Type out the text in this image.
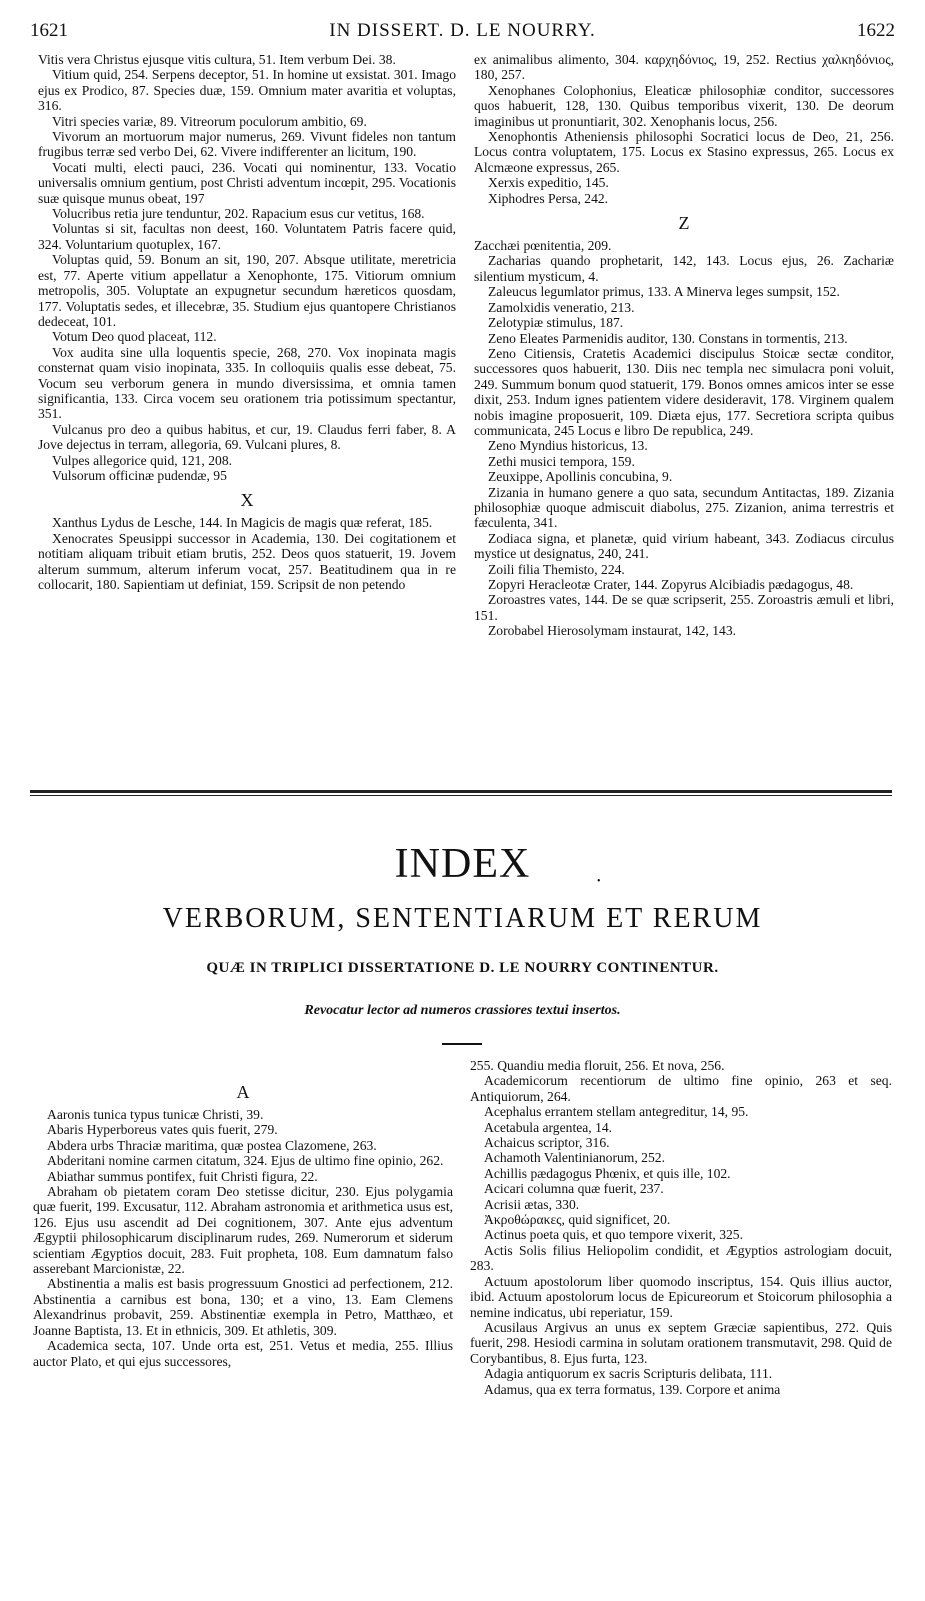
1621	IN DISSERT. D. LE NOURRY.	1622

Vitis vera Christus ejusque vitis cultura, 51. Item verbum Dei. 38.

Vitium quid, 254. Serpens deceptor, 51. In homine ut exsistat. 301. Imago ejus ex Prodico, 87. Species duæ, 159. Omnium mater avaritia et voluptas, 316.

Vitri species variæ, 89. Vitreorum poculorum ambitio, 69.

Vivorum an mortuorum major numerus, 269. Vivunt fideles non tantum frugibus terræ sed verbo Dei, 62. Vivere indifferenter an licitum, 190.

Vocati multi, electi pauci, 236. Vocati qui nominentur, 133. Vocatio universalis omnium gentium, post Christi adventum incœpit, 295. Vocationis suæ quisque munus obeat, 197

Volucribus retia jure tenduntur, 202. Rapacium esus cur vetitus, 168.

Voluntas si sit, facultas non deest, 160. Voluntatem Patris facere quid, 324. Voluntarium quotuplex, 167.

Voluptas quid, 59. Bonum an sit, 190, 207. Absque utilitate, meretricia est, 77. Aperte vitium appellatur a Xenophonte, 175. Vitiorum omnium metropolis, 305. Voluptate an expugnetur secundum hæreticos quosdam, 177. Voluptatis sedes, et illecebræ, 35. Studium ejus quantopere Christianos dedeceat, 101.

Votum Deo quod placeat, 112.

Vox audita sine ulla loquentis specie, 268, 270. Vox inopinata magis consternat quam visio inopinata, 335. In colloquiis qualis esse debeat, 75. Vocum seu verborum genera in mundo diversissima, et omnia tamen significantia, 133. Circa vocem seu orationem tria potissimum spectantur, 351.

Vulcanus pro deo a quibus habitus, et cur, 19. Claudus ferri faber, 8. A Jove dejectus in terram, allegoria, 69. Vulcani plures, 8.

Vulpes allegorice quid, 121, 208.

Vulsorum officinæ pudendæ, 95

X

Xanthus Lydus de Lesche, 144. In Magicis de magis quæ referat, 185.

Xenocrates Speusippi successor in Academia, 130. Dei cogitationem et notitiam aliquam tribuit etiam brutis, 252. Deos quos statuerit, 19. Jovem alterum summum, alterum inferum vocat, 257. Beatitudinem qua in re collocarit, 180. Sapientiam ut definiat, 159. Scripsit de non petendo

ex animalibus alimento, 304. καρχηδόνιος, 19, 252. Rectius χαλκηδόνιος, 180, 257.

Xenophanes Colophonius, Eleaticæ philosophiæ conditor, successores quos habuerit, 128, 130. Quibus temporibus vixerit, 130. De deorum imaginibus ut pronuntiarit, 302. Xenophanis locus, 256.

Xenophontis Atheniensis philosophi Socratici locus de Deo, 21, 256. Locus contra voluptatem, 175. Locus ex Stasino expressus, 265. Locus ex Alcmæone expressus, 265.

Xerxis expeditio, 145.

Xiphodres Persa, 242.

Z

Zacchæi pœnitentia, 209.

Zacharias quando prophetarit, 142, 143. Locus ejus, 26. Zachariæ silentium mysticum, 4.

Zaleucus legumlator primus, 133. A Minerva leges sumpsit, 152.

Zamolxidis veneratio, 213.

Zelotypiæ stimulus, 187.

Zeno Eleates Parmenidis auditor, 130. Constans in tormentis, 213.

Zeno Citiensis, Cratetis Academici discipulus Stoicæ sectæ conditor, successores quos habuerit, 130. Diis nec templa nec simulacra poni voluit, 249. Summum bonum quod statuerit, 179. Bonos omnes amicos inter se esse dixit, 253. Indum ignes patientem videre desideravit, 178. Virginem qualem nobis imagine proposuerit, 109. Diæta ejus, 177. Secretiora scripta quibus communicata, 245 Locus e libro De republica, 249.

Zeno Myndius historicus, 13.

Zethi musici tempora, 159.

Zeuxippe, Apollinis concubina, 9.

Zizania in humano genere a quo sata, secundum Antitactas, 189. Zizania philosophiæ quoque admiscuit diabolus, 275. Zizanion, anima terrestris et fæculenta, 341.

Zodiaca signa, et planetæ, quid virium habeant, 343. Zodiacus circulus mystice ut designatus, 240, 241.

Zoili filia Themisto, 224.

Zopyri Heracleotæ Crater, 144. Zopyrus Alcibiadis pædagogus, 48.

Zoroastres vates, 144. De se quæ scripserit, 255. Zoroastris æmuli et libri, 151.

Zorobabel Hierosolymam instaurat, 142, 143.

INDEX	•
VERBORUM, SENTENTIARUM ET RERUM
QUÆ IN TRIPLICI DISSERTATIONE D. LE NOURRY CONTINENTUR.
Revocatur lector ad numeros crassiores textui insertos.

A

Aaronis tunica typus tunicæ Christi, 39.

Abaris Hyperboreus vates quis fuerit, 279.

Abdera urbs Thraciæ maritima, quæ postea Clazomene, 263.

Abderitani nomine carmen citatum, 324. Ejus de ultimo fine opinio, 262.

Abiathar summus pontifex, fuit Christi figura, 22.

Abraham ob pietatem coram Deo stetisse dicitur, 230. Ejus polygamia quæ fuerit, 199. Excusatur, 112. Abraham astronomia et arithmetica usus est, 126. Ejus usu ascendit ad Dei cognitionem, 307. Ante ejus adventum Ægyptii philosophicarum disciplinarum rudes, 269. Numerorum et siderum scientiam Ægyptios docuit, 283. Fuit propheta, 108. Eum damnatum falso asserebant Marcionistæ, 22.

Abstinentia a malis est basis progressuum Gnostici ad perfectionem, 212. Abstinentia a carnibus est bona, 130; et a vino, 13. Eam Clemens Alexandrinus probavit, 259. Abstinentiæ exempla in Petro, Matthæo, et Joanne Baptista, 13. Et in ethnicis, 309. Et athletis, 309.

Academica secta, 107. Unde orta est, 251. Vetus et media, 255. Illius auctor Plato, et qui ejus successores,

255. Quandiu media floruit, 256. Et nova, 256.

Academicorum recentiorum de ultimo fine opinio, 263 et seq. Antiquiorum, 264.

Acephalus errantem stellam antegreditur, 14, 95.

Acetabula argentea, 14.

Achaicus scriptor, 316.

Achamoth Valentinianorum, 252.

Achillis pædagogus Phœnix, et quis ille, 102.

Acicari columna quæ fuerit, 237.

Acrisii ætas, 330.

Ἀκροθώρακες, quid significet, 20.

Actinus poeta quis, et quo tempore vixerit, 325.

Actis Solis filius Heliopolim condidit, et Ægyptios astrologiam docuit, 283.

Actuum apostolorum liber quomodo inscriptus, 154. Quis illius auctor, ibid. Actuum apostolorum locus de Epicureorum et Stoicorum philosophia a nemine indicatus, ubi reperiatur, 159.

Acusilaus Argivus an unus ex septem Græciæ sapientibus, 272. Quis fuerit, 298. Hesiodi carmina in solutam orationem transmutavit, 298. Quid de Corybantibus, 8. Ejus furta, 123.

Adagia antiquorum ex sacris Scripturis delibata, 111.

Adamus, qua ex terra formatus, 139. Corpore et anima
